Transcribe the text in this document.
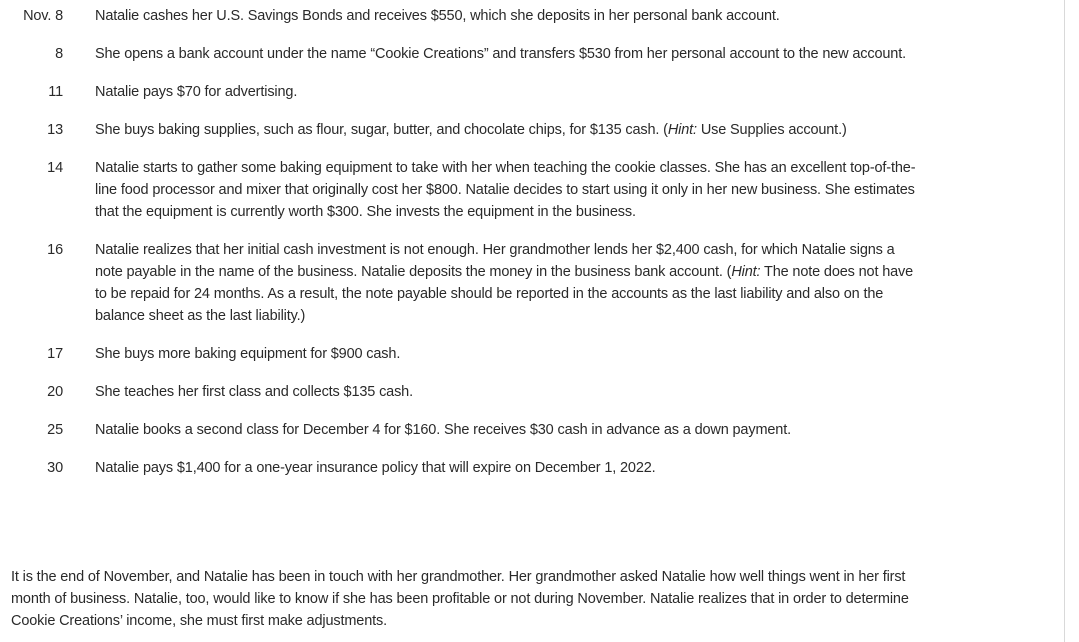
Nov. 8 Natalie cashes her U.S. Savings Bonds and receives $550, which she deposits in her personal bank account.
8 She opens a bank account under the name “Cookie Creations” and transfers $530 from her personal account to the new account.
11 Natalie pays $70 for advertising.
13 She buys baking supplies, such as flour, sugar, butter, and chocolate chips, for $135 cash. (Hint: Use Supplies account.)
14 Natalie starts to gather some baking equipment to take with her when teaching the cookie classes. She has an excellent top-of-the-line food processor and mixer that originally cost her $800. Natalie decides to start using it only in her new business. She estimates that the equipment is currently worth $300. She invests the equipment in the business.
16 Natalie realizes that her initial cash investment is not enough. Her grandmother lends her $2,400 cash, for which Natalie signs a note payable in the name of the business. Natalie deposits the money in the business bank account. (Hint: The note does not have to be repaid for 24 months. As a result, the note payable should be reported in the accounts as the last liability and also on the balance sheet as the last liability.)
17 She buys more baking equipment for $900 cash.
20 She teaches her first class and collects $135 cash.
25 Natalie books a second class for December 4 for $160. She receives $30 cash in advance as a down payment.
30 Natalie pays $1,400 for a one-year insurance policy that will expire on December 1, 2022.

It is the end of November, and Natalie has been in touch with her grandmother. Her grandmother asked Natalie how well things went in her first month of business. Natalie, too, would like to know if she has been profitable or not during November. Natalie realizes that in order to determine Cookie Creations’ income, she must first make adjustments.
